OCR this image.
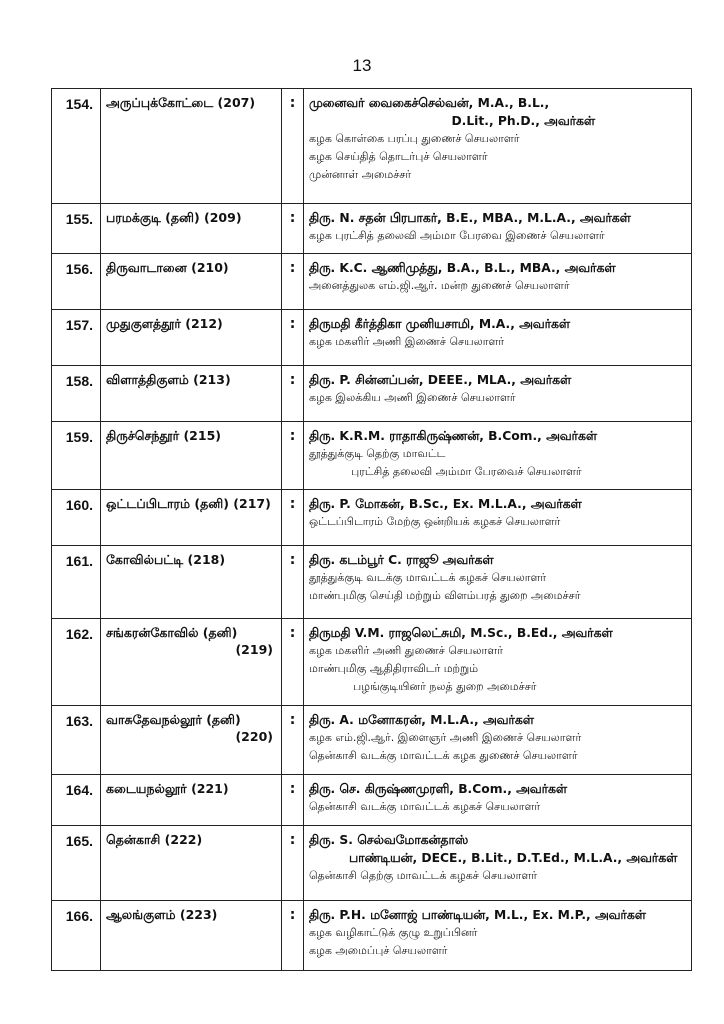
13
154.	அருப்புக்கோட்டை (207)	:	முனைவர் வைகைச்செல்வன், M.A., B.L.,
D.Lit., Ph.D., அவர்கள்
கழக கொள்கை பரப்பு துணைச் செயலாளர்
கழக செய்தித் தொடர்புச் செயலாளர்
முன்னாள் அமைச்சர்

155.	பரமக்குடி (தனி) (209)	:	திரு. N. சதன் பிரபாகர், B.E., MBA., M.L.A., அவர்கள்
கழக புரட்சித் தலைவி அம்மா பேரவை இணைச் செயலாளர்

156.	திருவாடானை (210)	:	திரு. K.C. ஆணிமுத்து, B.A., B.L., MBA., அவர்கள்
அனைத்துலக எம்.ஜி.ஆர். மன்ற துணைச் செயலாளர்

157.	முதுகுளத்தூர் (212)	:	திருமதி கீர்த்திகா முனியசாமி, M.A., அவர்கள்
கழக மகளிர் அணி இணைச் செயலாளர்

158.	விளாத்திகுளம் (213)	:	திரு. P. சின்னப்பன், DEEE., MLA., அவர்கள்
கழக இலக்கிய அணி இணைச் செயலாளர்

159.	திருச்செந்தூர் (215)	:	திரு. K.R.M. ராதாகிருஷ்ணன், B.Com., அவர்கள்
தூத்துக்குடி தெற்கு மாவட்ட
புரட்சித் தலைவி அம்மா பேரவைச் செயலாளர்

160.	ஒட்டப்பிடாரம் (தனி) (217)	:	திரு. P. மோகன், B.Sc., Ex. M.L.A., அவர்கள்
ஒட்டப்பிடாரம் மேற்கு ஒன்றியக் கழகச் செயலாளர்

161.	கோவில்பட்டி (218)	:	திரு. கடம்பூர் C. ராஜூ அவர்கள்
தூத்துக்குடி வடக்கு மாவட்டக் கழகச் செயலாளர்
மாண்புமிகு செய்தி மற்றும் விளம்பரத் துறை அமைச்சர்

162.	சங்கரன்கோவில் (தனி)
(219)	:	திருமதி V.M. ராஜலெட்சுமி, M.Sc., B.Ed., அவர்கள்
கழக மகளிர் அணி துணைச் செயலாளர்
மாண்புமிகு ஆதிதிராவிடர் மற்றும்
பழங்குடியினர் நலத் துறை அமைச்சர்

163.	வாசுதேவநல்லூர் (தனி)
(220)	:	திரு. A. மனோகரன், M.L.A., அவர்கள்
கழக எம்.ஜி.ஆர். இளைஞர் அணி இணைச் செயலாளர்
தென்காசி வடக்கு மாவட்டக் கழக துணைச் செயலாளர்

164.	கடையநல்லூர் (221)	:	திரு. செ. கிருஷ்ணமுரளி, B.Com., அவர்கள்
தென்காசி வடக்கு மாவட்டக் கழகச் செயலாளர்

165.	தென்காசி (222)	:	திரு. S. செல்வமோகன்தாஸ்
பாண்டியன், DECE., B.Lit., D.T.Ed., M.L.A., அவர்கள்
தென்காசி தெற்கு மாவட்டக் கழகச் செயலாளர்

166.	ஆலங்குளம் (223)	:	திரு. P.H. மனோஜ் பாண்டியன், M.L., Ex. M.P., அவர்கள்
கழக வழிகாட்டுக் குழு உறுப்பினர்
கழக அமைப்புச் செயலாளர்
